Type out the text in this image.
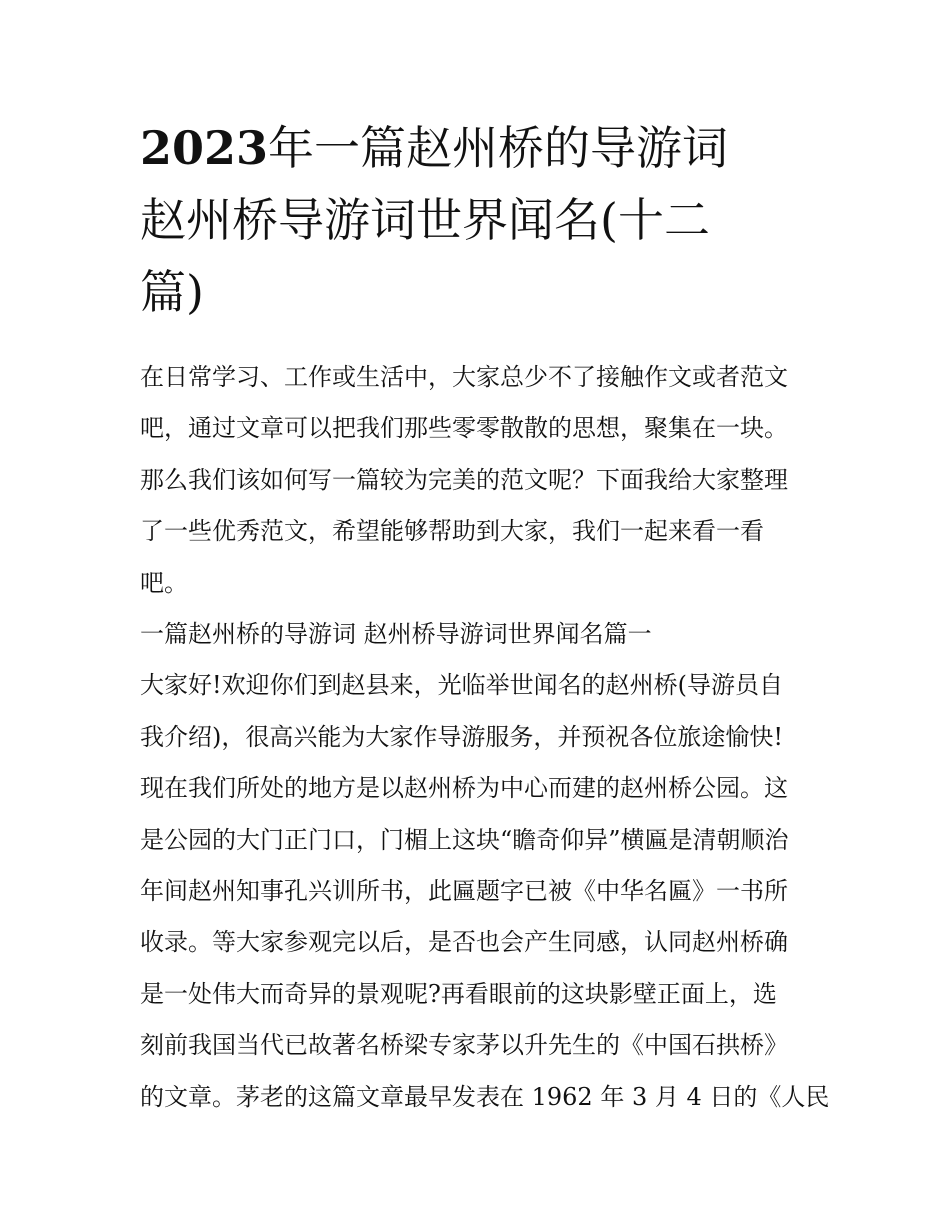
2023年一篇赵州桥的导游词
赵州桥导游词世界闻名(十二
篇)
在日常学习、工作或生活中，大家总少不了接触作文或者范文
吧，通过文章可以把我们那些零零散散的思想，聚集在一块。
那么我们该如何写一篇较为完美的范文呢？下面我给大家整理
了一些优秀范文，希望能够帮助到大家，我们一起来看一看
吧。
一篇赵州桥的导游词 赵州桥导游词世界闻名篇一
大家好!欢迎你们到赵县来，光临举世闻名的赵州桥(导游员自
我介绍)，很高兴能为大家作导游服务，并预祝各位旅途愉快!
现在我们所处的地方是以赵州桥为中心而建的赵州桥公园。这
是公园的大门正门口，门楣上这块“瞻奇仰异”横匾是清朝顺治
年间赵州知事孔兴训所书，此匾题字已被《中华名匾》一书所
收录。等大家参观完以后，是否也会产生同感，认同赵州桥确
是一处伟大而奇异的景观呢?再看眼前的这块影壁正面上，选
刻前我国当代已故著名桥梁专家茅以升先生的《中国石拱桥》
的文章。茅老的这篇文章最早发表在 1962 年 3 月 4 日的《人民
